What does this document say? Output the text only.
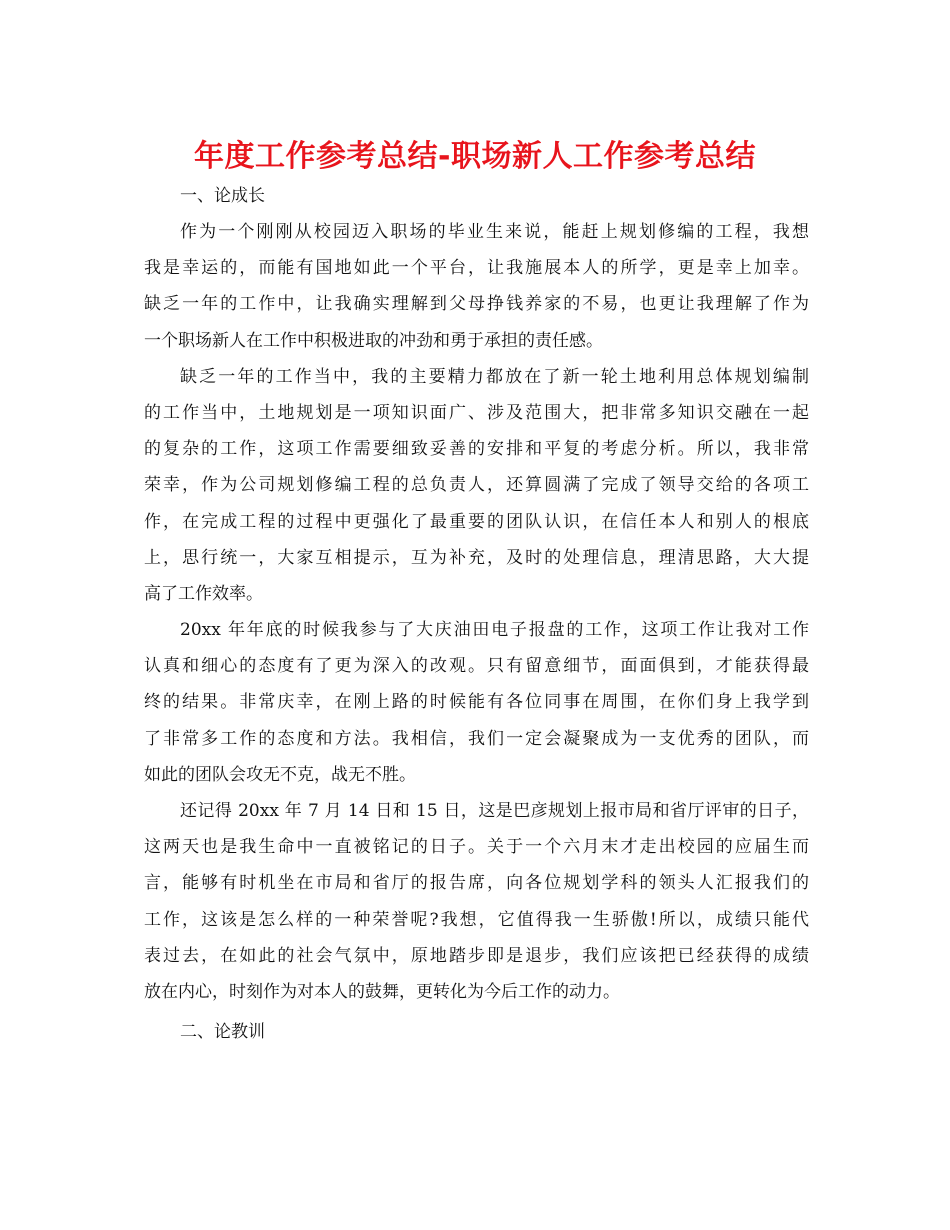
年度工作参考总结-职场新人工作参考总结
一、论成长
作为一个刚刚从校园迈入职场的毕业生来说，能赶上规划修编的工程，我想
我是幸运的，而能有国地如此一个平台，让我施展本人的所学，更是幸上加幸。
缺乏一年的工作中，让我确实理解到父母挣钱养家的不易，也更让我理解了作为
一个职场新人在工作中积极进取的冲劲和勇于承担的责任感。
缺乏一年的工作当中，我的主要精力都放在了新一轮土地利用总体规划编制
的工作当中，土地规划是一项知识面广、涉及范围大，把非常多知识交融在一起
的复杂的工作，这项工作需要细致妥善的安排和平复的考虑分析。所以，我非常
荣幸，作为公司规划修编工程的总负责人，还算圆满了完成了领导交给的各项工
作，在完成工程的过程中更强化了最重要的团队认识，在信任本人和别人的根底
上，思行统一，大家互相提示，互为补充，及时的处理信息，理清思路，大大提
高了工作效率。
20xx 年年底的时候我参与了大庆油田电子报盘的工作，这项工作让我对工作
认真和细心的态度有了更为深入的改观。只有留意细节，面面俱到，才能获得最
终的结果。非常庆幸，在刚上路的时候能有各位同事在周围，在你们身上我学到
了非常多工作的态度和方法。我相信，我们一定会凝聚成为一支优秀的团队，而
如此的团队会攻无不克，战无不胜。
还记得 20xx 年 7 月 14 日和 15 日，这是巴彦规划上报市局和省厅评审的日子，
这两天也是我生命中一直被铭记的日子。关于一个六月末才走出校园的应届生而
言，能够有时机坐在市局和省厅的报告席，向各位规划学科的领头人汇报我们的
工作，这该是怎么样的一种荣誉呢?我想，它值得我一生骄傲!所以，成绩只能代
表过去，在如此的社会气氛中，原地踏步即是退步，我们应该把已经获得的成绩
放在内心，时刻作为对本人的鼓舞，更转化为今后工作的动力。
二、论教训
